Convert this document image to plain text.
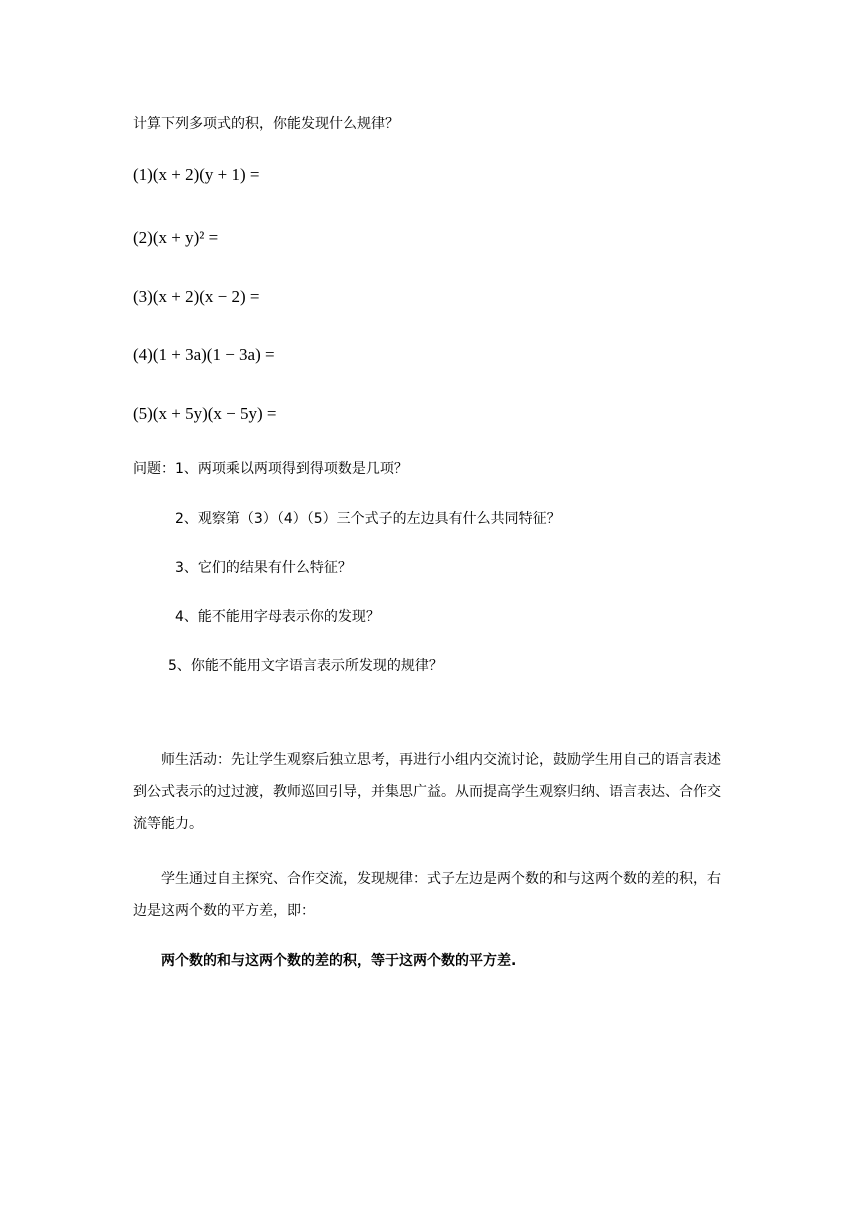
计算下列多项式的积，你能发现什么规律？
(1)(x + 2)(y + 1) =
(2)(x + y)² =
(3)(x + 2)(x − 2) =
(4)(1 + 3a)(1 − 3a) =
(5)(x + 5y)(x − 5y) =
问题：1、两项乘以两项得到得项数是几项？
2、观察第（3）（4）（5）三个式子的左边具有什么共同特征？
3、它们的结果有什么特征？
4、能不能用字母表示你的发现？
5、你能不能用文字语言表示所发现的规律？
师生活动：先让学生观察后独立思考，再进行小组内交流讨论，鼓励学生用自己的语言表述到公式表示的过过渡，教师巡回引导，并集思广益。从而提高学生观察归纳、语言表达、合作交流等能力。
学生通过自主探究、合作交流，发现规律：式子左边是两个数的和与这两个数的差的积，右边是这两个数的平方差，即：
两个数的和与这两个数的差的积，等于这两个数的平方差.
